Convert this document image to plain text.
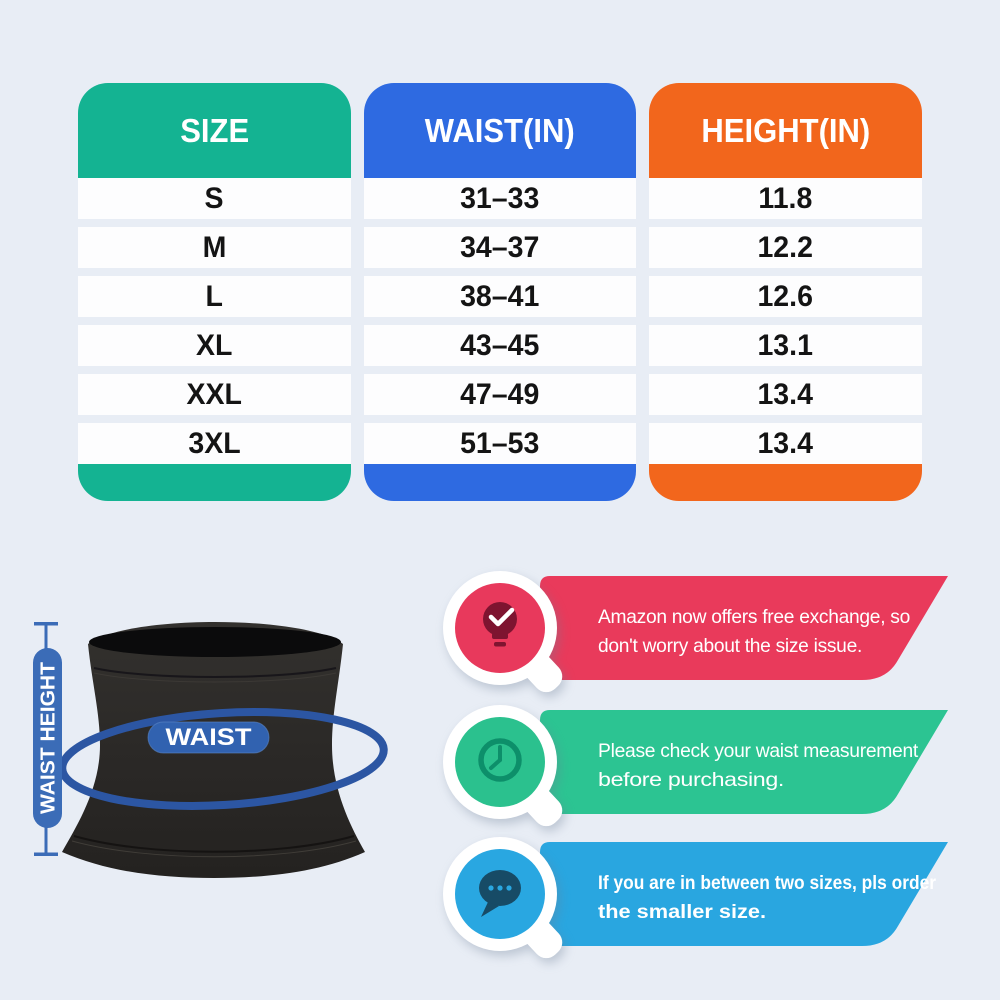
SIZE
S
M
L
XL
XXL
3XL
WAIST(IN)
31–33
34–37
38–41
43–45
47–49
51–53
HEIGHT(IN)
11.8
12.2
12.6
13.1
13.4
13.4
WAIST HEIGHT	WAIST
Amazon now offers free exchange, so
don't worry about the size issue.
Please check your waist measurement
before purchasing.
If you are in between two sizes, pls order
the smaller size.
